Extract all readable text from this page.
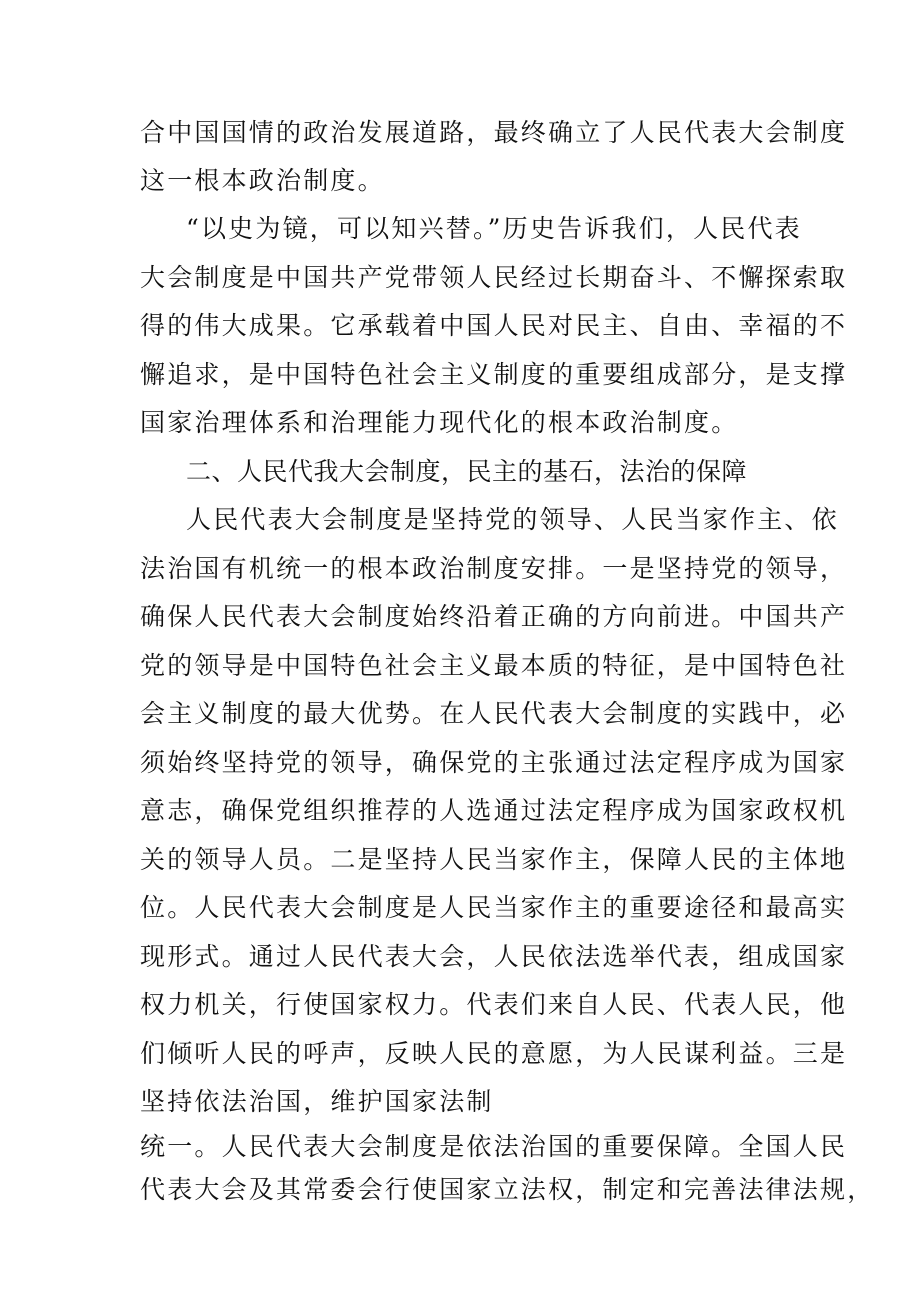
合中国国情的政治发展道路，最终确立了人民代表大会制度
这一根本政治制度。
“以史为镜，可以知兴替。”历史告诉我们，人民代表
大会制度是中国共产党带领人民经过长期奋斗、不懈探索取
得的伟大成果。它承载着中国人民对民主、自由、幸福的不
懈追求，是中国特色社会主义制度的重要组成部分，是支撑
国家治理体系和治理能力现代化的根本政治制度。
二、人民代我大会制度，民主的基石，法治的保障
人民代表大会制度是坚持党的领导、人民当家作主、依
法治国有机统一的根本政治制度安排。一是坚持党的领导，
确保人民代表大会制度始终沿着正确的方向前进。中国共产
党的领导是中国特色社会主义最本质的特征，是中国特色社
会主义制度的最大优势。在人民代表大会制度的实践中，必
须始终坚持党的领导，确保党的主张通过法定程序成为国家
意志，确保党组织推荐的人选通过法定程序成为国家政权机
关的领导人员。二是坚持人民当家作主，保障人民的主体地
位。人民代表大会制度是人民当家作主的重要途径和最高实
现形式。通过人民代表大会，人民依法选举代表，组成国家
权力机关，行使国家权力。代表们来自人民、代表人民，他
们倾听人民的呼声，反映人民的意愿，为人民谋利益。三是
坚持依法治国，维护国家法制
统一。人民代表大会制度是依法治国的重要保障。全国人民
代表大会及其常委会行使国家立法权，制定和完善法律法规，
